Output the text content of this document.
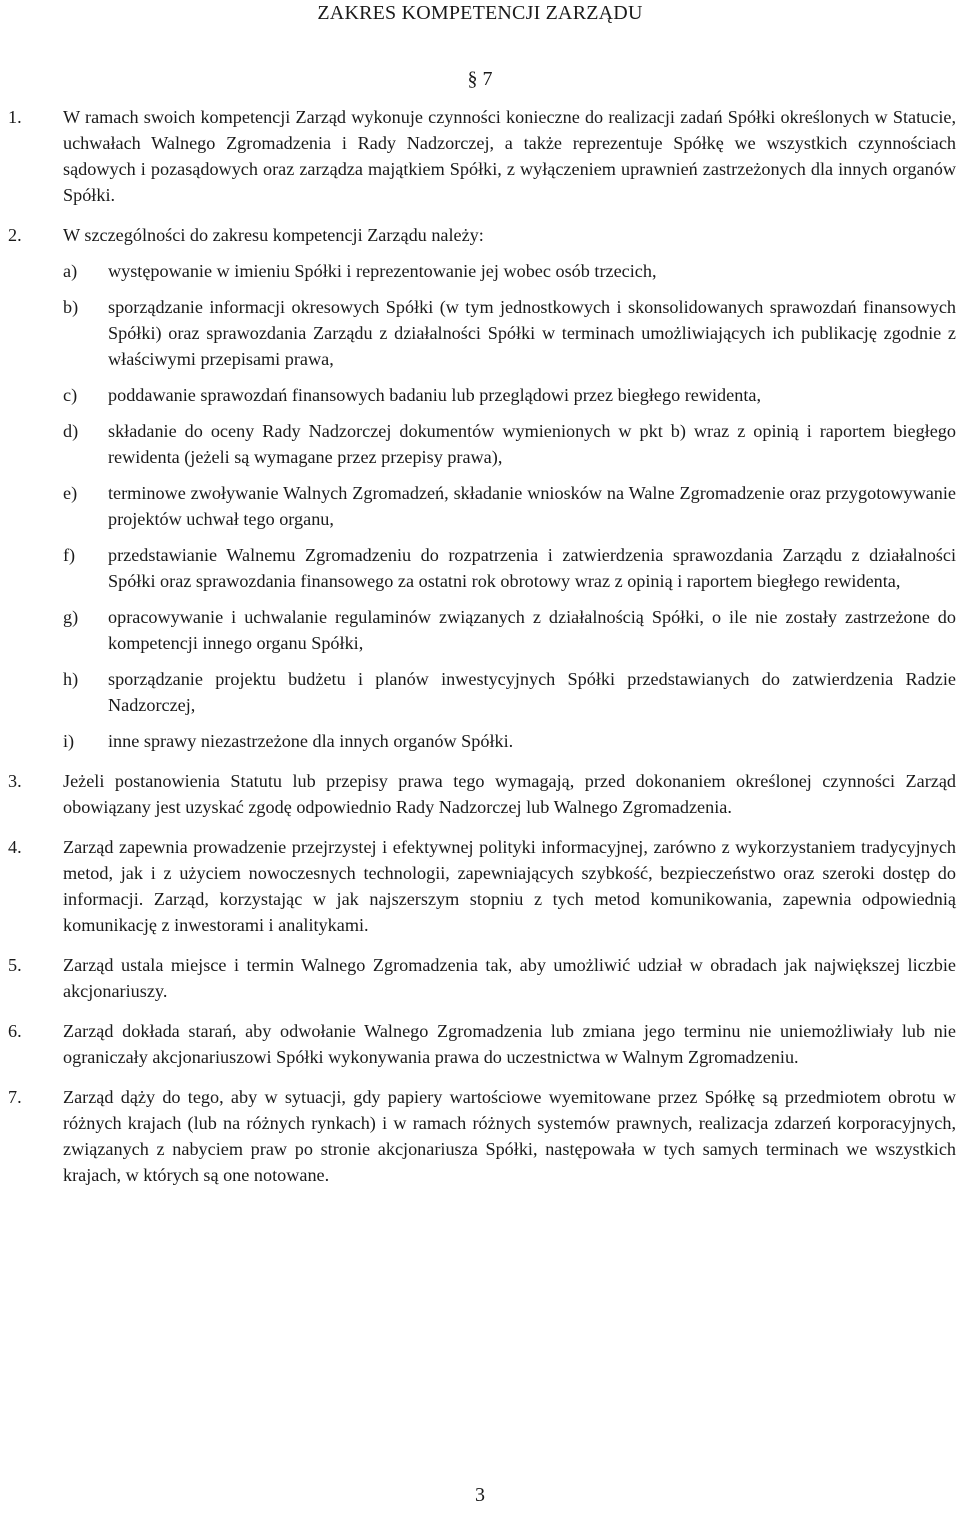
ZAKRES KOMPETENCJI ZARZĄDU
§ 7
1. W ramach swoich kompetencji Zarząd wykonuje czynności konieczne do realizacji zadań Spółki określonych w Statucie, uchwałach Walnego Zgromadzenia i Rady Nadzorczej, a także reprezentuje Spółkę we wszystkich czynnościach sądowych i pozasądowych oraz zarządza majątkiem Spółki, z wyłączeniem uprawnień zastrzeżonych dla innych organów Spółki.

2. W szczególności do zakresu kompetencji Zarządu należy:

a) występowanie w imieniu Spółki i reprezentowanie jej wobec osób trzecich,

b) sporządzanie informacji okresowych Spółki (w tym jednostkowych i skonsolidowanych sprawozdań finansowych Spółki) oraz sprawozdania Zarządu z działalności Spółki w terminach umożliwiających ich publikację zgodnie z właściwymi przepisami prawa,

c) poddawanie sprawozdań finansowych badaniu lub przeglądowi przez biegłego rewidenta,

d) składanie do oceny Rady Nadzorczej dokumentów wymienionych w pkt b) wraz z opinią i raportem biegłego rewidenta (jeżeli są wymagane przez przepisy prawa),

e) terminowe zwoływanie Walnych Zgromadzeń, składanie wniosków na Walne Zgromadzenie oraz przygotowywanie projektów uchwał tego organu,

f) przedstawianie Walnemu Zgromadzeniu do rozpatrzenia i zatwierdzenia sprawozdania Zarządu z działalności Spółki oraz sprawozdania finansowego za ostatni rok obrotowy wraz z opinią i raportem biegłego rewidenta,

g) opracowywanie i uchwalanie regulaminów związanych z działalnością Spółki, o ile nie zostały zastrzeżone do kompetencji innego organu Spółki,

h) sporządzanie projektu budżetu i planów inwestycyjnych Spółki przedstawianych do zatwierdzenia Radzie Nadzorczej,

i) inne sprawy niezastrzeżone dla innych organów Spółki.

3. Jeżeli postanowienia Statutu lub przepisy prawa tego wymagają, przed dokonaniem określonej czynności Zarząd obowiązany jest uzyskać zgodę odpowiednio Rady Nadzorczej lub Walnego Zgromadzenia.

4. Zarząd zapewnia prowadzenie przejrzystej i efektywnej polityki informacyjnej, zarówno z wykorzystaniem tradycyjnych metod, jak i z użyciem nowoczesnych technologii, zapewniających szybkość, bezpieczeństwo oraz szeroki dostęp do informacji. Zarząd, korzystając w jak najszerszym stopniu z tych metod komunikowania, zapewnia odpowiednią komunikację z inwestorami i analitykami.

5. Zarząd ustala miejsce i termin Walnego Zgromadzenia tak, aby umożliwić udział w obradach jak największej liczbie akcjonariuszy.

6. Zarząd dokłada starań, aby odwołanie Walnego Zgromadzenia lub zmiana jego terminu nie uniemożliwiały lub nie ograniczały akcjonariuszowi Spółki wykonywania prawa do uczestnictwa w Walnym Zgromadzeniu.

7. Zarząd dąży do tego, aby w sytuacji, gdy papiery wartościowe wyemitowane przez Spółkę są przedmiotem obrotu w różnych krajach (lub na różnych rynkach) i w ramach różnych systemów prawnych, realizacja zdarzeń korporacyjnych, związanych z nabyciem praw po stronie akcjonariusza Spółki, następowała w tych samych terminach we wszystkich krajach, w których są one notowane.

3
